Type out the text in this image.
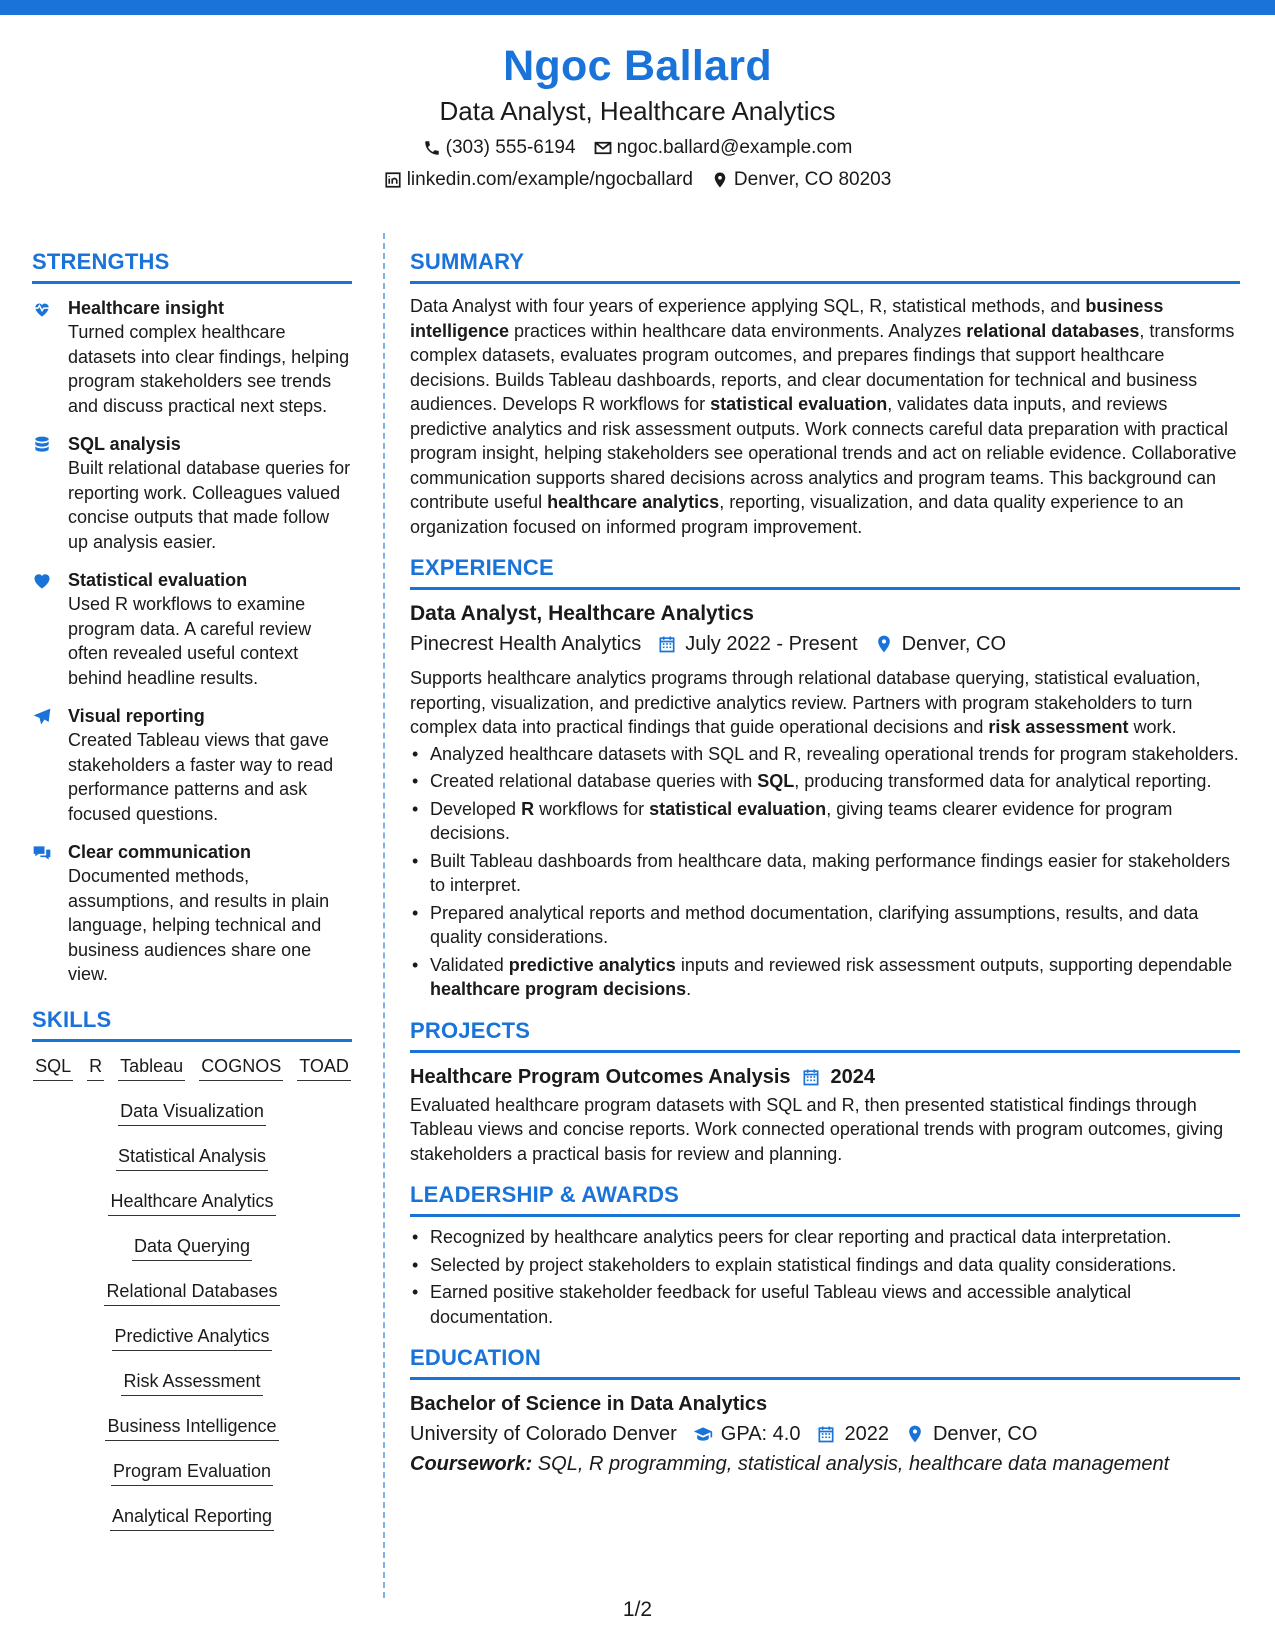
Ngoc Ballard
Data Analyst, Healthcare Analytics
(303) 555-6194 ngoc.ballard@example.com
linkedin.com/example/ngocballard Denver, CO 80203
STRENGTHS
Healthcare insight
Turned complex healthcare datasets into clear findings, helping program stakeholders see trends and discuss practical next steps.
SQL analysis
Built relational database queries for reporting work. Colleagues valued concise outputs that made follow up analysis easier.
Statistical evaluation
Used R workflows to examine program data. A careful review often revealed useful context behind headline results.
Visual reporting
Created Tableau views that gave stakeholders a faster way to read performance patterns and ask focused questions.
Clear communication
Documented methods, assumptions, and results in plain language, helping technical and business audiences share one view.
SKILLS
SQL R Tableau COGNOS TOAD
Data Visualization
Statistical Analysis
Healthcare Analytics
Data Querying
Relational Databases
Predictive Analytics
Risk Assessment
Business Intelligence
Program Evaluation
Analytical Reporting
SUMMARY

Data Analyst with four years of experience applying SQL, R, statistical methods, and business intelligence practices within healthcare data environments. Analyzes relational databases, transforms complex datasets, evaluates program outcomes, and prepares findings that support healthcare decisions. Builds Tableau dashboards, reports, and clear documentation for technical and business audiences. Develops R workflows for statistical evaluation, validates data inputs, and reviews predictive analytics and risk assessment outputs. Work connects careful data preparation with practical program insight, helping stakeholders see operational trends and act on reliable evidence. Collaborative communication supports shared decisions across analytics and program teams. This background can contribute useful healthcare analytics, reporting, visualization, and data quality experience to an organization focused on informed program improvement.

EXPERIENCE
Data Analyst, Healthcare Analytics
Pinecrest Health Analytics July 2022 - Present Denver, CO

Supports healthcare analytics programs through relational database querying, statistical evaluation, reporting, visualization, and predictive analytics review. Partners with program stakeholders to turn complex data into practical findings that guide operational decisions and risk assessment work.

• Analyzed healthcare datasets with SQL and R, revealing operational trends for program stakeholders.
• Created relational database queries with SQL, producing transformed data for analytical reporting.
• Developed R workflows for statistical evaluation, giving teams clearer evidence for program decisions.
• Built Tableau dashboards from healthcare data, making performance findings easier for stakeholders to interpret.
• Prepared analytical reports and method documentation, clarifying assumptions, results, and data quality considerations.
• Validated predictive analytics inputs and reviewed risk assessment outputs, supporting dependable healthcare program decisions.
PROJECTS
Healthcare Program Outcomes Analysis 2024

Evaluated healthcare program datasets with SQL and R, then presented statistical findings through Tableau views and concise reports. Work connected operational trends with program outcomes, giving stakeholders a practical basis for review and planning.

LEADERSHIP & AWARDS
• Recognized by healthcare analytics peers for clear reporting and practical data interpretation.
• Selected by project stakeholders to explain statistical findings and data quality considerations.
• Earned positive stakeholder feedback for useful Tableau views and accessible analytical documentation.
EDUCATION
Bachelor of Science in Data Analytics
University of Colorado Denver GPA: 4.0 2022 Denver, CO
Coursework: SQL, R programming, statistical analysis, healthcare data management
1/2
